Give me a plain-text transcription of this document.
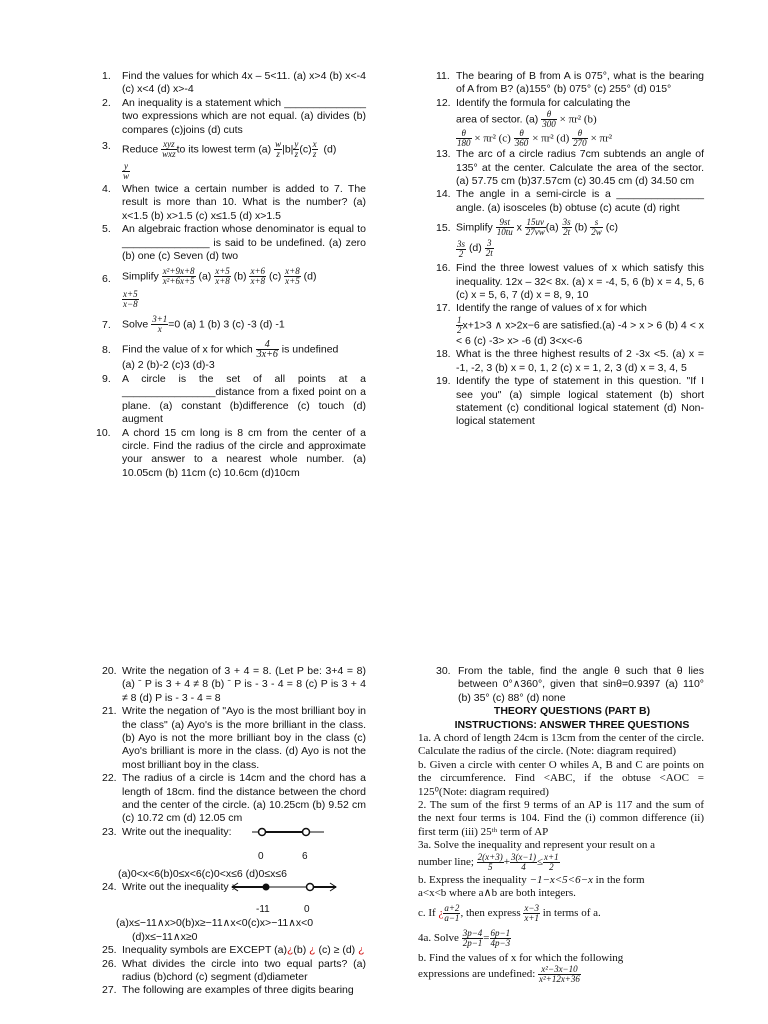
1. Find the values for which 4x – 5<11. (a) x>4 (b) x<-4 (c) x<4 (d) x>-4

2. An inequality is a statement which ______________ two expressions which are not equal. (a) divides (b) compares (c)joins (d) cuts

3. Reduce $\frac{\text{xyz}}{\text{wxz}}$ to its lowest term $(a) \frac{w}{z} |b| \frac{y}{z} (c) \frac{x}{z} (d)$

$\frac{y}{w}$

4. When twice a certain number is added to 7. The result is more than 10. What is the number? (a) x<1.5 (b) x>1.5 (c) x≤1.5 (d) x>1.5

5. An algebraic fraction whose denominator is equal to _______________ is said to be undefined. (a) zero (b) one (c) Seven (d) two

6. Simplify $\frac{\text{x²+9x+8}}{\text{x²+6x+5}} (a) \frac{x+5}{x+8} (b) \frac{x+6}{x+8} (c) \frac{x+8}{x+5} (d)$

$\frac{x+5}{x-8}$

7. Solve $\frac{3+1}{x} =0$ (a) 1 (b) 3 (c) -3 (d) -1

8. Find the value of x for which $\frac{4}{3x+6}$ is undefined
(a) 2 (b)-2 (c)3 (d)-3

9. A circle is the set of all points at a ________________distance from a fixed point on a plane. (a) constant (b)difference (c) touch (d) augment

10. A chord 15 cm long is 8 cm from the center of a circle. Find the radius of the circle and approximate your answer to a nearest whole number. (a) 10.05cm (b) 11cm (c) 10.6cm (d)10cm

11. The bearing of B from A is 075°, what is the bearing of A from B? (a)155° (b) 075° (c) 255° (d) 015°

12. Identify the formula for calculating the
area of sector. $(a) \frac{\theta}{300} \times \pi r^2$ (b)

$\frac{\theta}{180} \times \pi r^2$ $(c) \frac{\theta}{360} \times \pi r^2$ $(d) \frac{\theta}{270} \times \pi r^2$

13. The arc of a circle radius 7cm subtends an angle of 135° at the center. Calculate the area of the sector. (a) 57.75 cm (b)37.57cm (c) 30.45 cm (d) 34.50 cm

14. The angle in a semi-circle is a _______________ angle. (a) isosceles (b) obtuse (c) acute (d) right

15. Simplify $\frac{9st}{10tu}$ x $\frac{15uv}{27vw} (a) \frac{3s}{2t} (b) \frac{s}{2w} (c)$

$\frac{3s}{2} (d) \frac{3}{2t}$

16. Find the three lowest values of x which satisfy this inequality. 12x – 32< 8x. (a) x = -4, 5, 6 (b) x = 4, 5, 6 (c) x = 5, 6, 7 (d) x = 8, 9, 10

17. Identify the range of values of x for which

$\frac{1}{2} x+1>3$ ∧ x>2x−6 are satisfied.(a) -4 > x > 6 (b) 4 < x < 6 (c) -3> x> -6 (d) 3<x<-6

18. What is the three highest results of 2 -3x <5. (a) x = -1, -2, 3 (b) x = 0, 1, 2 (c) x = 1, 2, 3 (d) x = 3, 4, 5

19. Identify the type of statement in this question. "If I see you" (a) simple logical statement (b) short statement (c) conditional logical statement (d) Non-logical statement

20. Write the negation of 3 + 4 = 8. (Let P be: 3+4 = 8) (a) ˉ P is 3 + 4 ≠ 8 (b) ˉ P is - 3 - 4 = 8 (c) P is 3 + 4 ≠ 8 (d) P is - 3 - 4 = 8

21. Write the negation of "Ayo is the most brilliant boy in the class" (a) Ayo's is the more brilliant in the class. (b) Ayo is not the more brilliant boy in the class (c) Ayo's brilliant is more in the class. (d) Ayo is not the most brilliant boy in the class.

22. The radius of a circle is 14cm and the chord has a length of 18cm. find the distance between the chord and the center of the circle. (a) 10.25cm (b) 9.52 cm (c) 10.72 cm (d) 12.05 cm

23. Write out the inequality:
0	6

(a)0<x<6(b)0≤x<6(c)0<x≤6 (d)0≤x≤6

24. Write out the inequality :
-11	0

(a)x≤−11∧x>0(b)x≥−11∧x<0(c)x>−11∧x<0

(d)x≤−11∧x≥0

25. Inequality symbols are EXCEPT (a)¿(b) ¿ (c) ≥ (d) ¿

26. What divides the circle into two equal parts? (a) radius (b)chord (c) segment (d)diameter

27. The following are examples of three digits bearing

30. From the table, find the angle θ such that θ lies between 0°∧360°, given that sinθ=0.9397 (a) 110° (b) 35° (c) 88° (d) none

THEORY QUESTIONS (PART B)

INSTRUCTIONS: ANSWER THREE QUESTIONS

1a. A chord of length 24cm is 13cm from the center of the circle. Calculate the radius of the circle. (Note: diagram required)

b. Given a circle with center O whiles A, B and C are points on the circumference. Find <ABC, if the obtuse <AOC = 125⁰(Note: diagram required)

2. The sum of the first 9 terms of an AP is 117 and the sum of the next four terms is 104. Find the (i) common difference (ii) first term (iii) 25ᵗʰ term of AP

3a. Solve the inequality and represent your result on a
number line; $\frac{2(x+3)}{5} + \frac{3(x-1)}{4} \le \frac{x+1}{2}$

b. Express the inequality −1−x<5<6−x in the form
a<x<b where a∧b are both integers.

c. If ¿ $\frac{a+2}{a-1}$ , then express $\frac{x-3}{x+1}$ in terms of a.

4a. Solve $\frac{3p-4}{2p-1} = \frac{6p-1}{4p-3}$

b. Find the values of x for which the following
expressions are undefined: $\frac{\text{x²−3x−10}}{\text{x²+12x+36}}$
